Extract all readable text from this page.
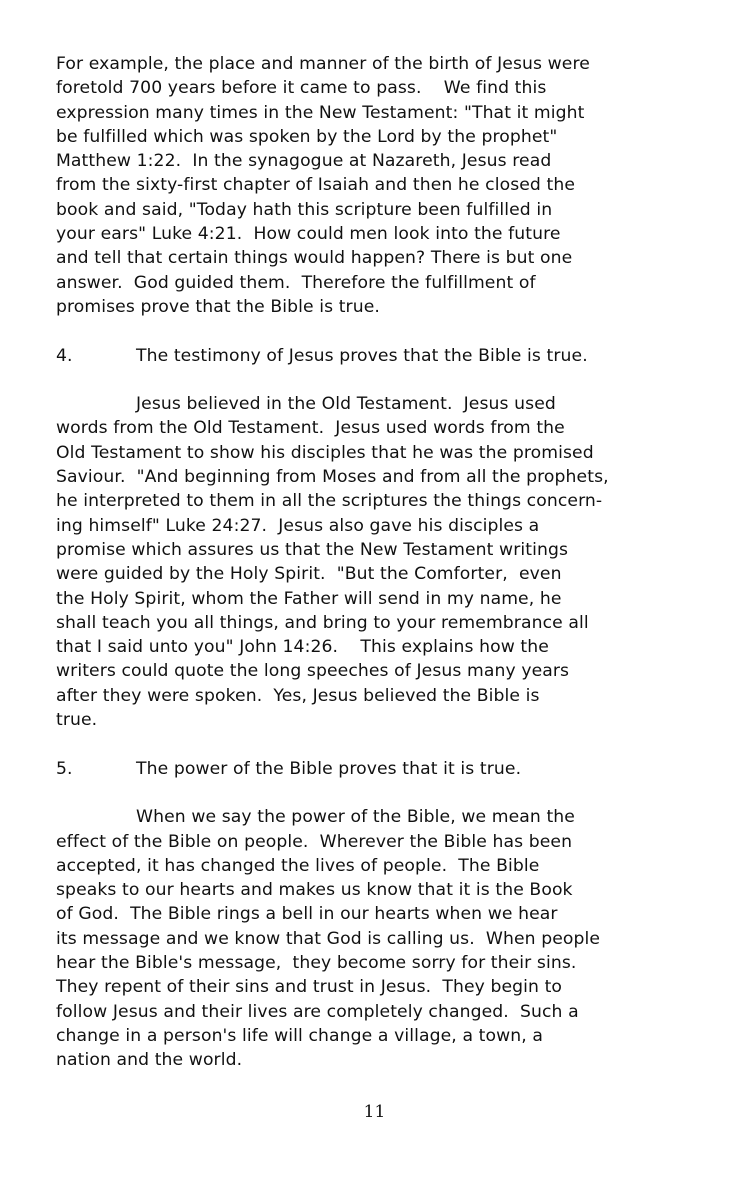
For example, the place and manner of the birth of Jesus were
foretold 700 years before it came to pass.    We find this
expression many times in the New Testament: "That it might
be fulfilled which was spoken by the Lord by the prophet"
Matthew 1:22.  In the synagogue at Nazareth, Jesus read
from the sixty-first chapter of Isaiah and then he closed the
book and said, "Today hath this scripture been fulfilled in
your ears" Luke 4:21.  How could men look into the future
and tell that certain things would happen? There is but one
answer.  God guided them.  Therefore the fulfillment of
promises prove that the Bible is true.
4.	The testimony of Jesus proves that the Bible is true.
Jesus believed in the Old Testament.  Jesus used
words from the Old Testament.  Jesus used words from the
Old Testament to show his disciples that he was the promised
Saviour.  "And beginning from Moses and from all the prophets,
he interpreted to them in all the scriptures the things concern-
ing himself" Luke 24:27.  Jesus also gave his disciples a
promise which assures us that the New Testament writings
were guided by the Holy Spirit.  "But the Comforter,  even
the Holy Spirit, whom the Father will send in my name, he
shall teach you all things, and bring to your remembrance all
that I said unto you" John 14:26.    This explains how the
writers could quote the long speeches of Jesus many years
after they were spoken.  Yes, Jesus believed the Bible is
true.
5.	The power of the Bible proves that it is true.
When we say the power of the Bible, we mean the
effect of the Bible on people.  Wherever the Bible has been
accepted, it has changed the lives of people.  The Bible
speaks to our hearts and makes us know that it is the Book
of God.  The Bible rings a bell in our hearts when we hear
its message and we know that God is calling us.  When people
hear the Bible's message,  they become sorry for their sins.
They repent of their sins and trust in Jesus.  They begin to
follow Jesus and their lives are completely changed.  Such a
change in a person's life will change a village, a town, a
nation and the world.
11
